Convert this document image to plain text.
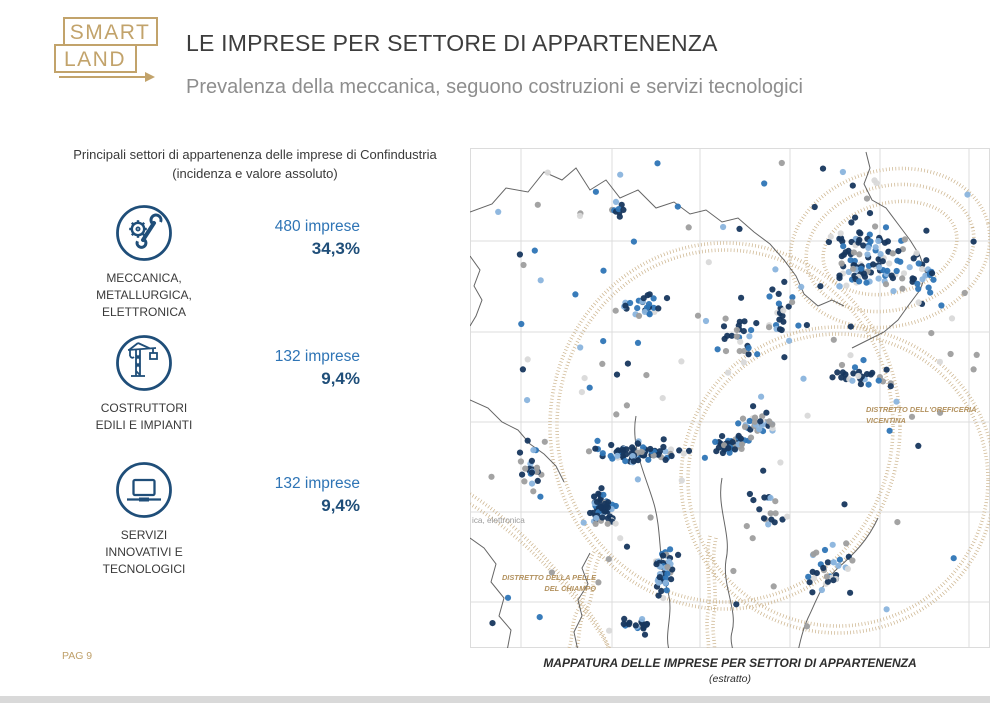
SMART
LAND
LE IMPRESE PER SETTORE DI APPARTENENZA
Prevalenza della meccanica, seguono costruzioni e servizi tecnologici
Principali settori di appartenenza delle imprese di Confindustria
(incidenza e valore assoluto)
MECCANICA,
METALLURGICA,
ELETTRONICA
480 imprese
34,3%
COSTRUTTORI
EDILI E IMPIANTI
132 imprese
9,4%
SERVIZI
INNOVATIVI E
TECNOLOGICI
132 imprese
9,4%
DISTRETTO DELL'OREFICERIA
VICENTINA
DISTRETTO DELLA PELLE
DEL CHIAMPO
ica, elettronica
MAPPATURA DELLE IMPRESE PER SETTORI DI APPARTENENZA
(estratto)
PAG 9
